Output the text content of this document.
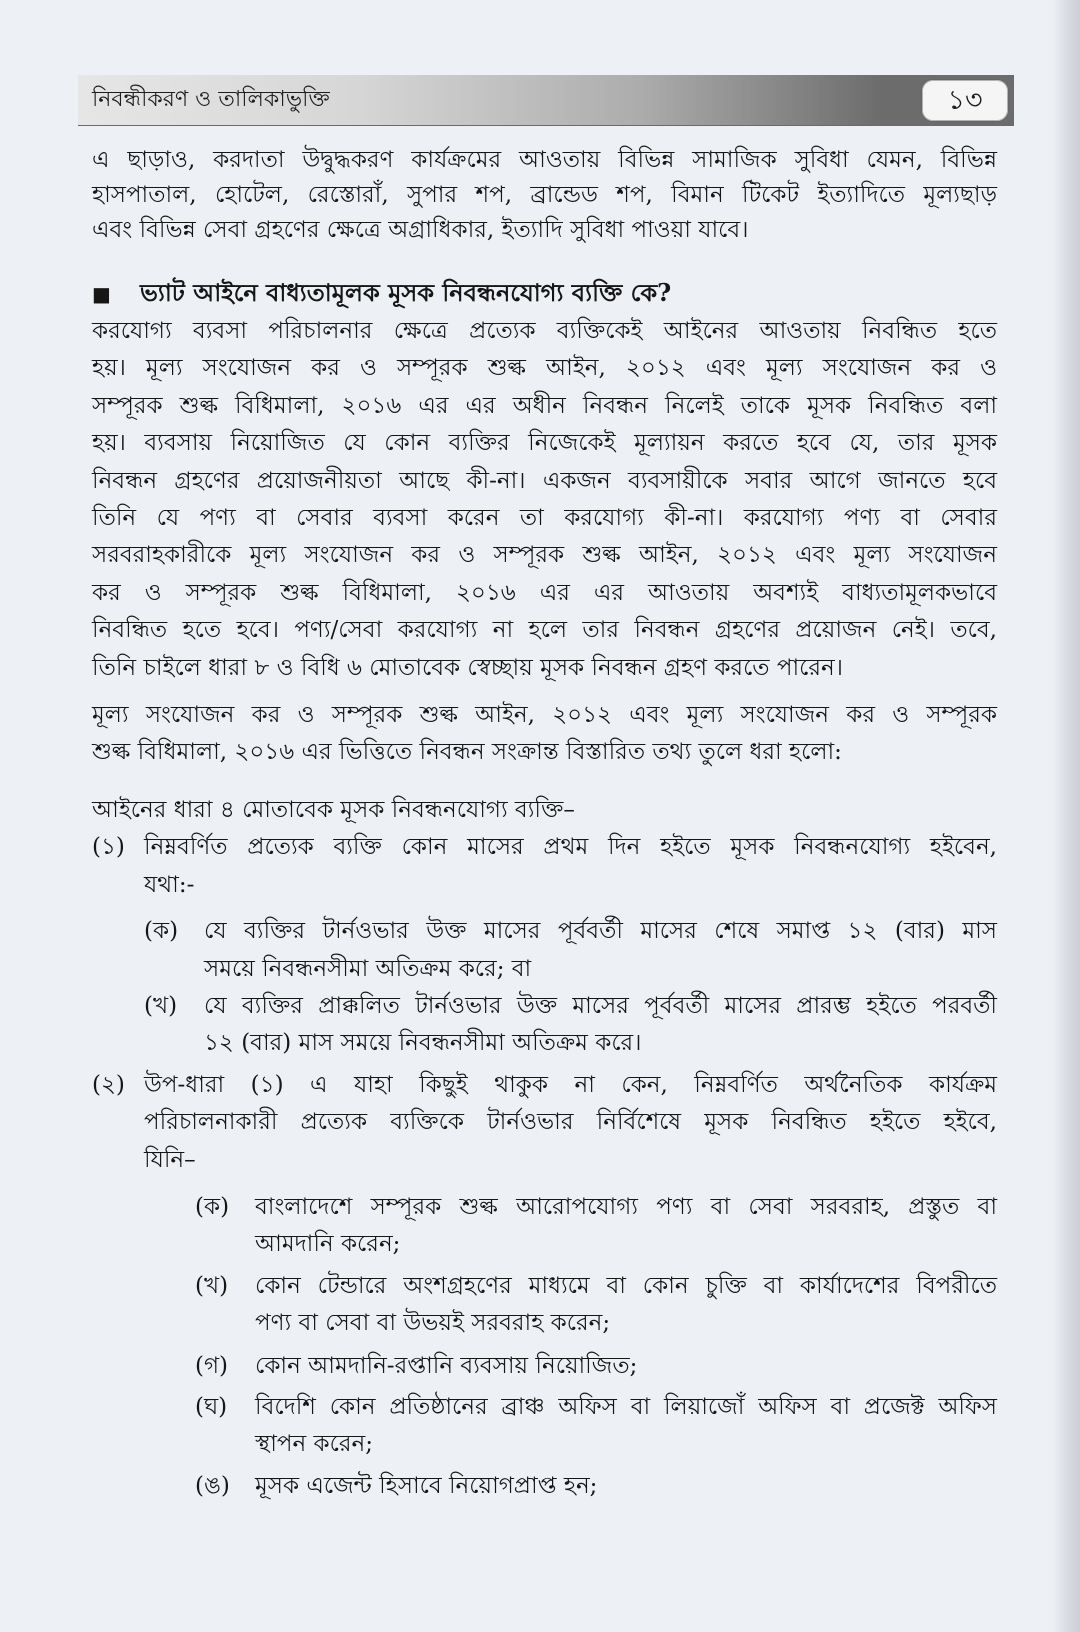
নিবন্ধীকরণ ও তালিকাভুক্তি	১৩
এ ছাড়াও, করদাতা উদ্বুদ্ধকরণ কার্যক্রমের আওতায় বিভিন্ন সামাজিক সুবিধা যেমন, বিভিন্ন
হাসপাতাল, হোটেল, রেস্তোরাঁ, সুপার শপ, ব্রান্ডেড শপ, বিমান টিকেট ইত্যাদিতে মূল্যছাড়
এবং বিভিন্ন সেবা গ্রহণের ক্ষেত্রে অগ্রাধিকার, ইত্যাদি সুবিধা পাওয়া যাবে।
■	ভ্যাট আইনে বাধ্যতামূলক মূসক নিবন্ধনযোগ্য ব্যক্তি কে?
করযোগ্য ব্যবসা পরিচালনার ক্ষেত্রে প্রত্যেক ব্যক্তিকেই আইনের আওতায় নিবন্ধিত হতে
হয়। মূল্য সংযোজন কর ও সম্পূরক শুল্ক আইন, ২০১২ এবং মূল্য সংযোজন কর ও
সম্পূরক শুল্ক বিধিমালা, ২০১৬ এর এর অধীন নিবন্ধন নিলেই তাকে মূসক নিবন্ধিত বলা
হয়। ব্যবসায় নিয়োজিত যে কোন ব্যক্তির নিজেকেই মূল্যায়ন করতে হবে যে, তার মূসক
নিবন্ধন গ্রহণের প্রয়োজনীয়তা আছে কী-না। একজন ব্যবসায়ীকে সবার আগে জানতে হবে
তিনি যে পণ্য বা সেবার ব্যবসা করেন তা করযোগ্য কী-না। করযোগ্য পণ্য বা সেবার
সরবরাহকারীকে মূল্য সংযোজন কর ও সম্পূরক শুল্ক আইন, ২০১২ এবং মূল্য সংযোজন
কর ও সম্পূরক শুল্ক বিধিমালা, ২০১৬ এর এর আওতায় অবশ্যই বাধ্যতামূলকভাবে
নিবন্ধিত হতে হবে। পণ্য/সেবা করযোগ্য না হলে তার নিবন্ধন গ্রহণের প্রয়োজন নেই। তবে,
তিনি চাইলে ধারা ৮ ও বিধি ৬ মোতাবেক স্বেচ্ছায় মূসক নিবন্ধন গ্রহণ করতে পারেন।
মূল্য সংযোজন কর ও সম্পূরক শুল্ক আইন, ২০১২ এবং মূল্য সংযোজন কর ও সম্পূরক
শুল্ক বিধিমালা, ২০১৬ এর ভিত্তিতে নিবন্ধন সংক্রান্ত বিস্তারিত তথ্য তুলে ধরা হলো:
আইনের ধারা ৪ মোতাবেক মূসক নিবন্ধনযোগ্য ব্যক্তি–
(১) নিম্নবর্ণিত প্রত্যেক ব্যক্তি কোন মাসের প্রথম দিন হইতে মূসক নিবন্ধনযোগ্য হইবেন,
যথা:-
(ক)	যে ব্যক্তির টার্নওভার উক্ত মাসের পূর্ববর্তী মাসের শেষে সমাপ্ত ১২ (বার) মাস
সময়ে নিবন্ধনসীমা অতিক্রম করে; বা
(খ)	যে ব্যক্তির প্রাক্কলিত টার্নওভার উক্ত মাসের পূর্ববর্তী মাসের প্রারম্ভ হইতে পরবর্তী
১২ (বার) মাস সময়ে নিবন্ধনসীমা অতিক্রম করে।
(২) উপ-ধারা (১) এ যাহা কিছুই থাকুক না কেন, নিম্নবর্ণিত অর্থনৈতিক কার্যক্রম
পরিচালনাকারী প্রত্যেক ব্যক্তিকে টার্নওভার নির্বিশেষে মূসক নিবন্ধিত হইতে হইবে,
যিনি–
(ক)	বাংলাদেশে সম্পূরক শুল্ক আরোপযোগ্য পণ্য বা সেবা সরবরাহ, প্রস্তুত বা
আমদানি করেন;
(খ)	কোন টেন্ডারে অংশগ্রহণের মাধ্যমে বা কোন চুক্তি বা কার্যাদেশের বিপরীতে
পণ্য বা সেবা বা উভয়ই সরবরাহ করেন;
(গ)	কোন আমদানি-রপ্তানি ব্যবসায় নিয়োজিত;
(ঘ)	বিদেশি কোন প্রতিষ্ঠানের ব্রাঞ্চ অফিস বা লিয়াজোঁ অফিস বা প্রজেক্ট অফিস
স্থাপন করেন;
(ঙ)	মূসক এজেন্ট হিসাবে নিয়োগপ্রাপ্ত হন;
